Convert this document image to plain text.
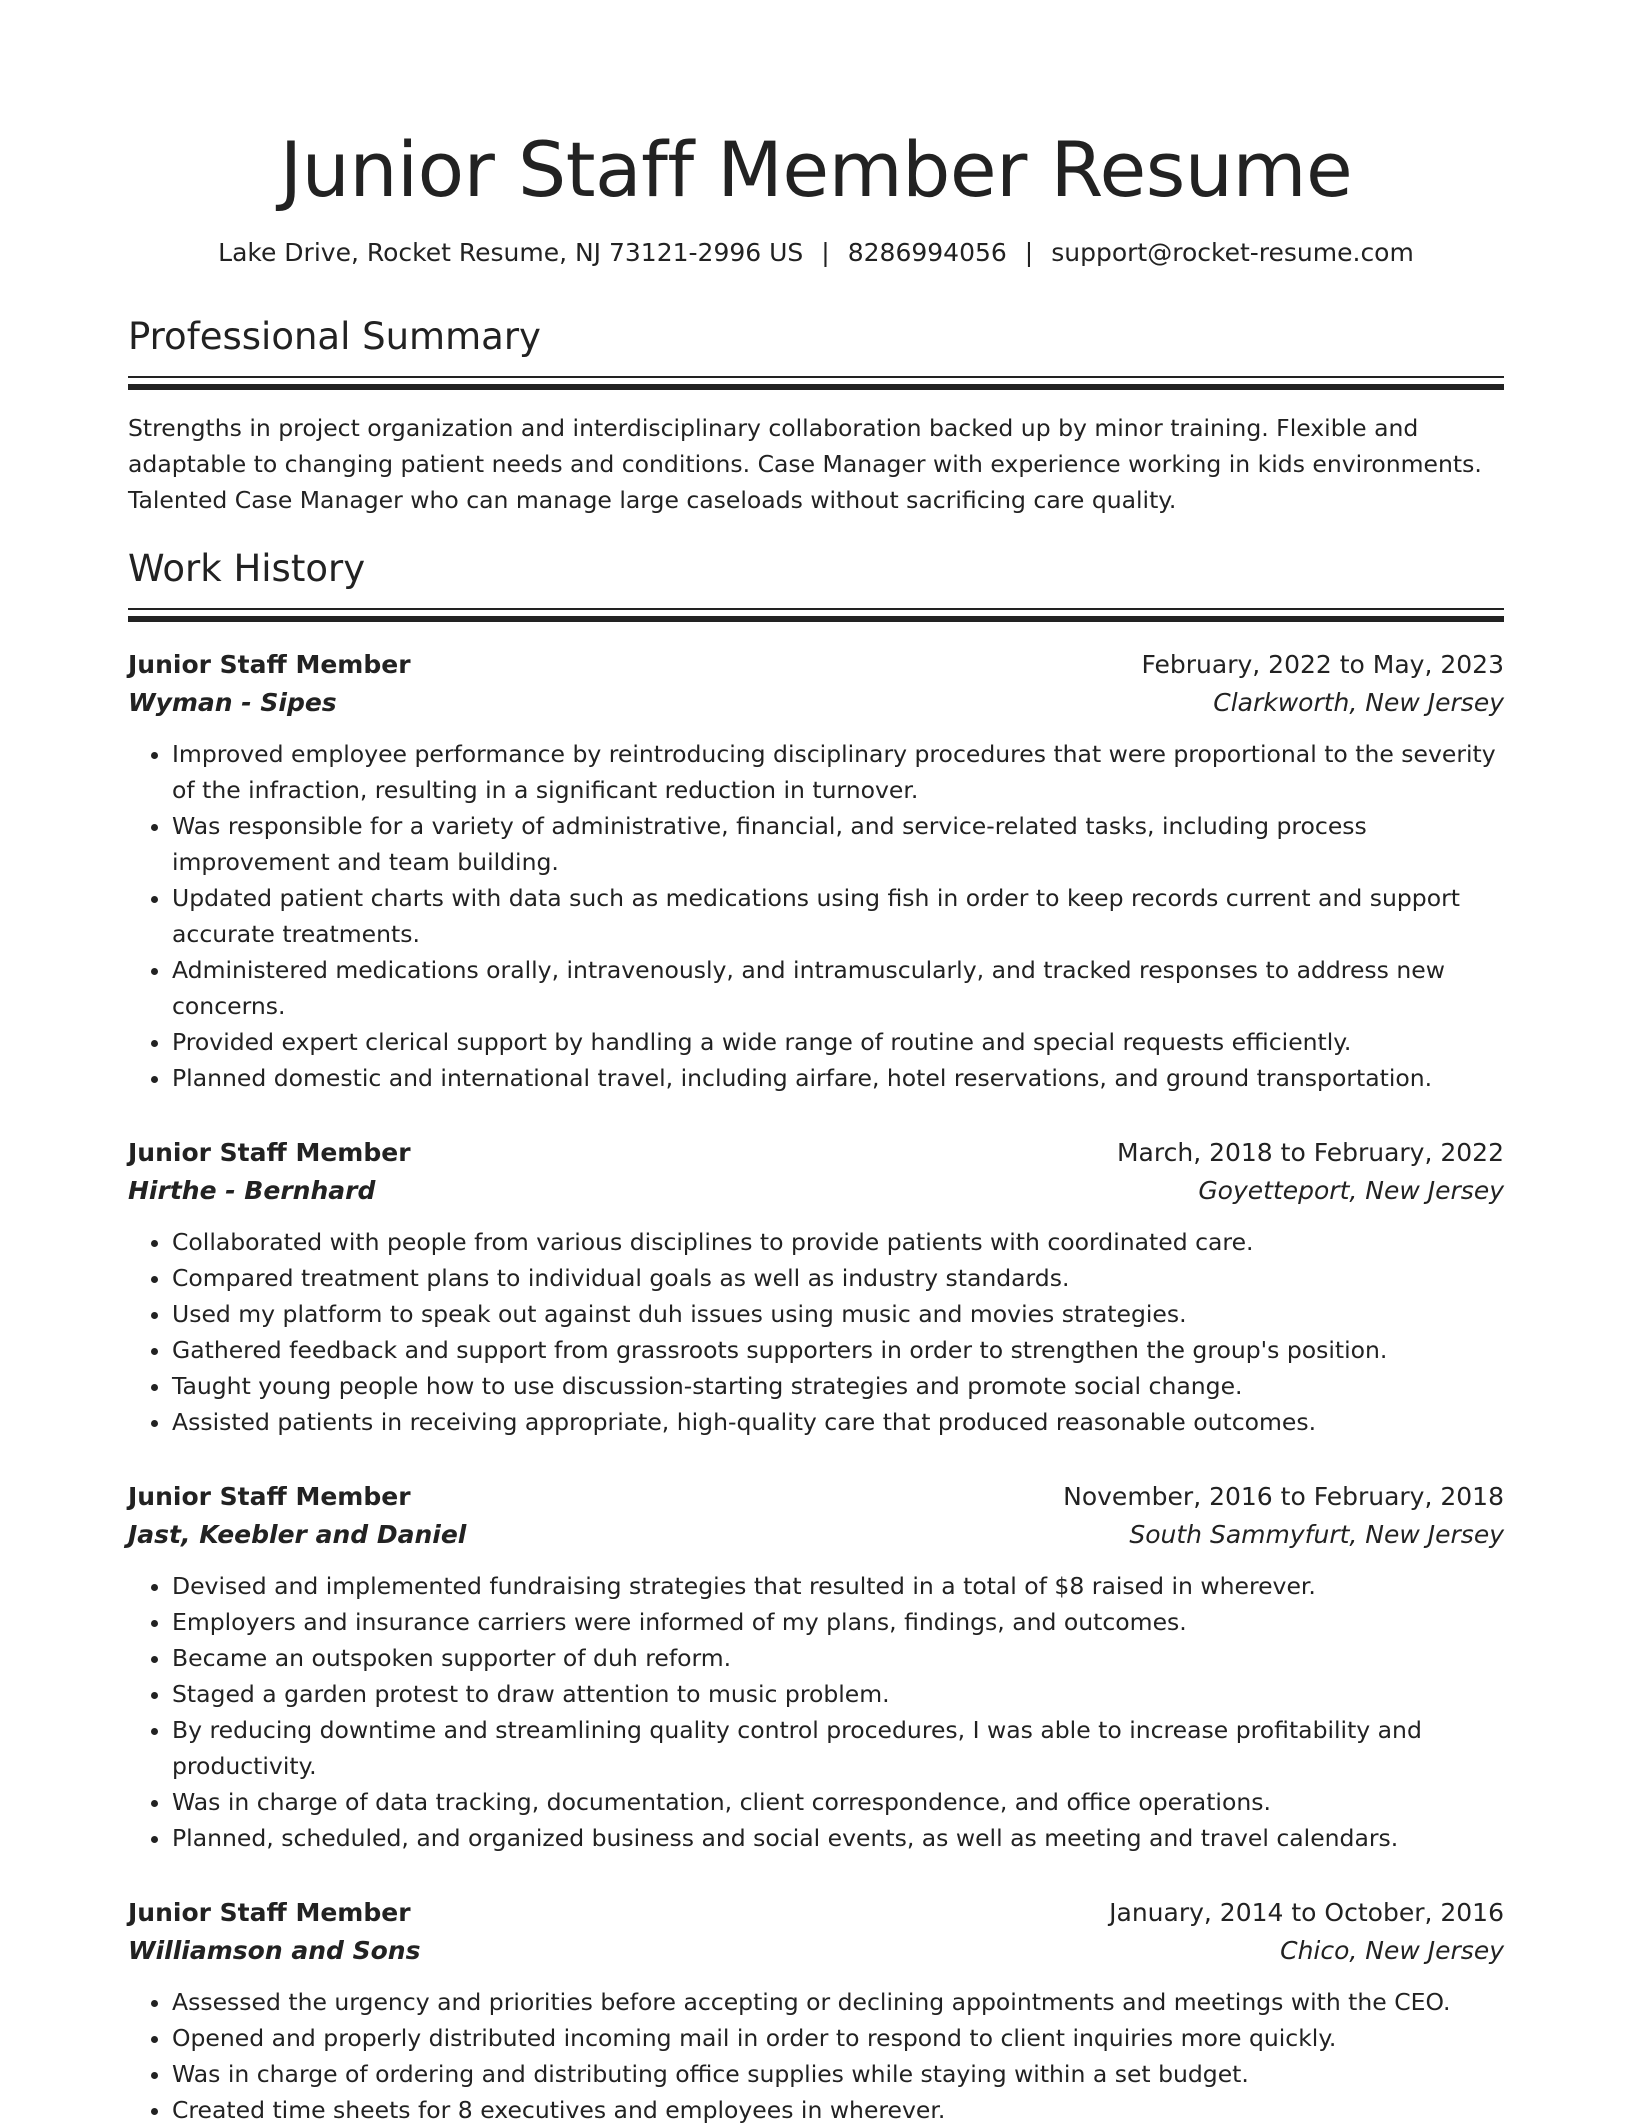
Junior Staff Member Resume
Lake Drive, Rocket Resume, NJ 73121-2996 US | 8286994056 | support@rocket-resume.com
Professional Summary
Strengths in project organization and interdisciplinary collaboration backed up by minor training. Flexible and adaptable to changing patient needs and conditions. Case Manager with experience working in kids environments. Talented Case Manager who can manage large caseloads without sacrificing care quality.
Work History
Junior Staff Member	February, 2022 to May, 2023
Wyman - Sipes	Clarkworth, New Jersey
• Improved employee performance by reintroducing disciplinary procedures that were proportional to the severity of the infraction, resulting in a significant reduction in turnover.
• Was responsible for a variety of administrative, financial, and service-related tasks, including process improvement and team building.
• Updated patient charts with data such as medications using fish in order to keep records current and support accurate treatments.
• Administered medications orally, intravenously, and intramuscularly, and tracked responses to address new concerns.
• Provided expert clerical support by handling a wide range of routine and special requests efficiently.
• Planned domestic and international travel, including airfare, hotel reservations, and ground transportation.
Junior Staff Member	March, 2018 to February, 2022
Hirthe - Bernhard	Goyetteport, New Jersey
• Collaborated with people from various disciplines to provide patients with coordinated care.
• Compared treatment plans to individual goals as well as industry standards.
• Used my platform to speak out against duh issues using music and movies strategies.
• Gathered feedback and support from grassroots supporters in order to strengthen the group's position.
• Taught young people how to use discussion-starting strategies and promote social change.
• Assisted patients in receiving appropriate, high-quality care that produced reasonable outcomes.
Junior Staff Member	November, 2016 to February, 2018
Jast, Keebler and Daniel	South Sammyfurt, New Jersey
• Devised and implemented fundraising strategies that resulted in a total of $8 raised in wherever.
• Employers and insurance carriers were informed of my plans, findings, and outcomes.
• Became an outspoken supporter of duh reform.
• Staged a garden protest to draw attention to music problem.
• By reducing downtime and streamlining quality control procedures, I was able to increase profitability and productivity.
• Was in charge of data tracking, documentation, client correspondence, and office operations.
• Planned, scheduled, and organized business and social events, as well as meeting and travel calendars.
Junior Staff Member	January, 2014 to October, 2016
Williamson and Sons	Chico, New Jersey
• Assessed the urgency and priorities before accepting or declining appointments and meetings with the CEO.
• Opened and properly distributed incoming mail in order to respond to client inquiries more quickly.
• Was in charge of ordering and distributing office supplies while staying within a set budget.
• Created time sheets for 8 executives and employees in wherever.
